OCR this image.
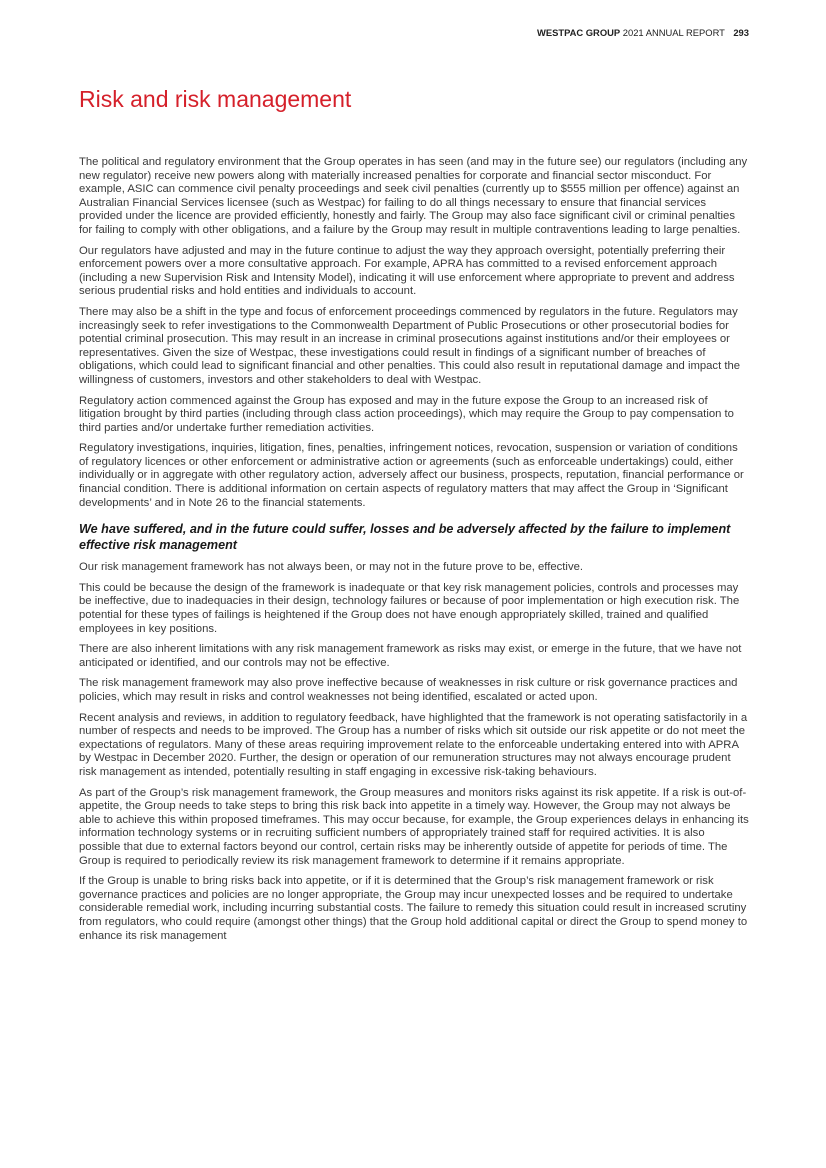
WESTPAC GROUP 2021 ANNUAL REPORT 293
Risk and risk management

The political and regulatory environment that the Group operates in has seen (and may in the future see) our regulators (including any new regulator) receive new powers along with materially increased penalties for corporate and financial sector misconduct. For example, ASIC can commence civil penalty proceedings and seek civil penalties (currently up to $555 million per offence) against an Australian Financial Services licensee (such as Westpac) for failing to do all things necessary to ensure that financial services provided under the licence are provided efficiently, honestly and fairly. The Group may also face significant civil or criminal penalties for failing to comply with other obligations, and a failure by the Group may result in multiple contraventions leading to large penalties.

Our regulators have adjusted and may in the future continue to adjust the way they approach oversight, potentially preferring their enforcement powers over a more consultative approach. For example, APRA has committed to a revised enforcement approach (including a new Supervision Risk and Intensity Model), indicating it will use enforcement where appropriate to prevent and address serious prudential risks and hold entities and individuals to account.

There may also be a shift in the type and focus of enforcement proceedings commenced by regulators in the future. Regulators may increasingly seek to refer investigations to the Commonwealth Department of Public Prosecutions or other prosecutorial bodies for potential criminal prosecution. This may result in an increase in criminal prosecutions against institutions and/or their employees or representatives. Given the size of Westpac, these investigations could result in findings of a significant number of breaches of obligations, which could lead to significant financial and other penalties. This could also result in reputational damage and impact the willingness of customers, investors and other stakeholders to deal with Westpac.

Regulatory action commenced against the Group has exposed and may in the future expose the Group to an increased risk of litigation brought by third parties (including through class action proceedings), which may require the Group to pay compensation to third parties and/or undertake further remediation activities.

Regulatory investigations, inquiries, litigation, fines, penalties, infringement notices, revocation, suspension or variation of conditions of regulatory licences or other enforcement or administrative action or agreements (such as enforceable undertakings) could, either individually or in aggregate with other regulatory action, adversely affect our business, prospects, reputation, financial performance or financial condition. There is additional information on certain aspects of regulatory matters that may affect the Group in ‘Significant developments’ and in Note 26 to the financial statements.

We have suffered, and in the future could suffer, losses and be adversely affected by the failure to implement effective risk management

Our risk management framework has not always been, or may not in the future prove to be, effective.

This could be because the design of the framework is inadequate or that key risk management policies, controls and processes may be ineffective, due to inadequacies in their design, technology failures or because of poor implementation or high execution risk. The potential for these types of failings is heightened if the Group does not have enough appropriately skilled, trained and qualified employees in key positions.

There are also inherent limitations with any risk management framework as risks may exist, or emerge in the future, that we have not anticipated or identified, and our controls may not be effective.

The risk management framework may also prove ineffective because of weaknesses in risk culture or risk governance practices and policies, which may result in risks and control weaknesses not being identified, escalated or acted upon.

Recent analysis and reviews, in addition to regulatory feedback, have highlighted that the framework is not operating satisfactorily in a number of respects and needs to be improved. The Group has a number of risks which sit outside our risk appetite or do not meet the expectations of regulators. Many of these areas requiring improvement relate to the enforceable undertaking entered into with APRA by Westpac in December 2020. Further, the design or operation of our remuneration structures may not always encourage prudent risk management as intended, potentially resulting in staff engaging in excessive risk-taking behaviours.

As part of the Group’s risk management framework, the Group measures and monitors risks against its risk appetite. If a risk is out-of-appetite, the Group needs to take steps to bring this risk back into appetite in a timely way. However, the Group may not always be able to achieve this within proposed timeframes. This may occur because, for example, the Group experiences delays in enhancing its information technology systems or in recruiting sufficient numbers of appropriately trained staff for required activities. It is also possible that due to external factors beyond our control, certain risks may be inherently outside of appetite for periods of time. The Group is required to periodically review its risk management framework to determine if it remains appropriate.

If the Group is unable to bring risks back into appetite, or if it is determined that the Group’s risk management framework or risk governance practices and policies are no longer appropriate, the Group may incur unexpected losses and be required to undertake considerable remedial work, including incurring substantial costs. The failure to remedy this situation could result in increased scrutiny from regulators, who could require (amongst other things) that the Group hold additional capital or direct the Group to spend money to enhance its risk management
